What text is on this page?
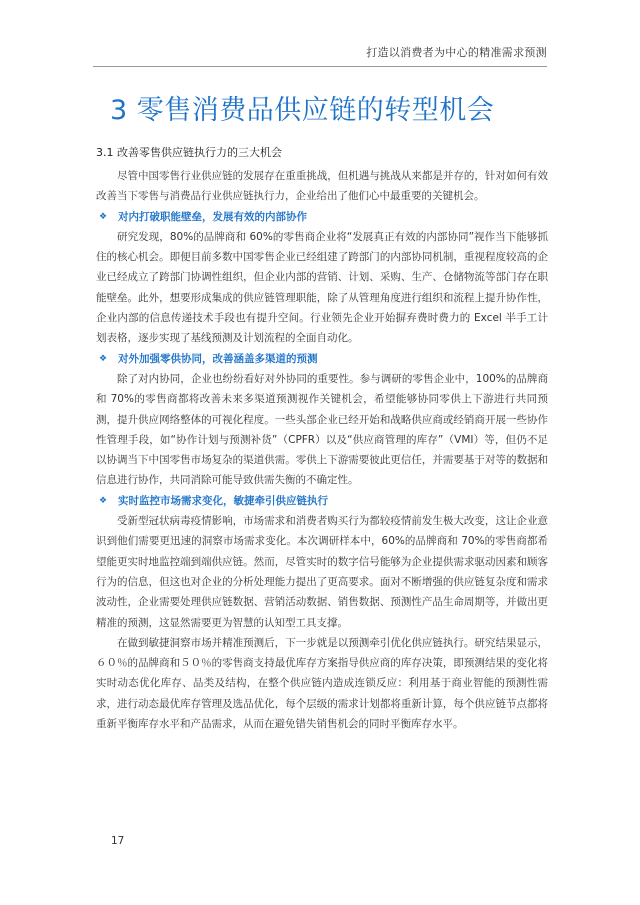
打造以消费者为中心的精准需求预测
3 零售消费品供应链的转型机会
3.1 改善零售供应链执行力的三大机会

尽管中国零售行业供应链的发展存在重重挑战，但机遇与挑战从来都是并存的，针对如何有效改善当下零售与消费品行业供应链执行力，企业给出了他们心中最重要的关键机会。

❖ 对内打破职能壁垒，发展有效的内部协作

研究发现，80%的品牌商和 60%的零售商企业将“发展真正有效的内部协同”视作当下能够抓住的核心机会。即便目前多数中国零售企业已经组建了跨部门的内部协同机制，重视程度较高的企业已经成立了跨部门协调性组织，但企业内部的营销、计划、采购、生产、仓储物流等部门存在职能壁垒。此外，想要形成集成的供应链管理职能，除了从管理角度进行组织和流程上提升协作性，企业内部的信息传递技术手段也有提升空间。行业领先企业开始摒弃费时费力的 Excel 半手工计划表格，逐步实现了基线预测及计划流程的全面自动化。

❖ 对外加强零供协同，改善涵盖多渠道的预测

除了对内协同，企业也纷纷看好对外协同的重要性。参与调研的零售企业中，100%的品牌商和 70%的零售商都将改善未来多渠道预测视作关键机会，希望能够协同零供上下游进行共同预测，提升供应网络整体的可视化程度。一些头部企业已经开始和战略供应商或经销商开展一些协作性管理手段，如“协作计划与预测补货”（CPFR）以及“供应商管理的库存”（VMI）等，但仍不足以协调当下中国零售市场复杂的渠道供需。零供上下游需要彼此更信任，并需要基于对等的数据和信息进行协作，共同消除可能导致供需失衡的不确定性。

❖ 实时监控市场需求变化，敏捷牵引供应链执行

受新型冠状病毒疫情影响，市场需求和消费者购买行为都较疫情前发生极大改变，这让企业意识到他们需要更迅速的洞察市场需求变化。本次调研样本中，60%的品牌商和 70%的零售商都希望能更实时地监控端到端供应链。然而，尽管实时的数字信号能够为企业提供需求驱动因素和顾客行为的信息，但这也对企业的分析处理能力提出了更高要求。面对不断增强的供应链复杂度和需求波动性，企业需要处理供应链数据、营销活动数据、销售数据、预测性产品生命周期等，并做出更精准的预测，这显然需要更为智慧的认知型工具支撑。

在做到敏捷洞察市场并精准预测后，下一步就是以预测牵引优化供应链执行。研究结果显示，６０％的品牌商和５０％的零售商支持最优库存方案指导供应商的库存决策，即预测结果的变化将实时动态优化库存、品类及结构，在整个供应链内造成连锁反应：利用基于商业智能的预测性需求，进行动态最优库存管理及选品优化，每个层级的需求计划都将重新计算，每个供应链节点都将重新平衡库存水平和产品需求，从而在避免错失销售机会的同时平衡库存水平。

17
